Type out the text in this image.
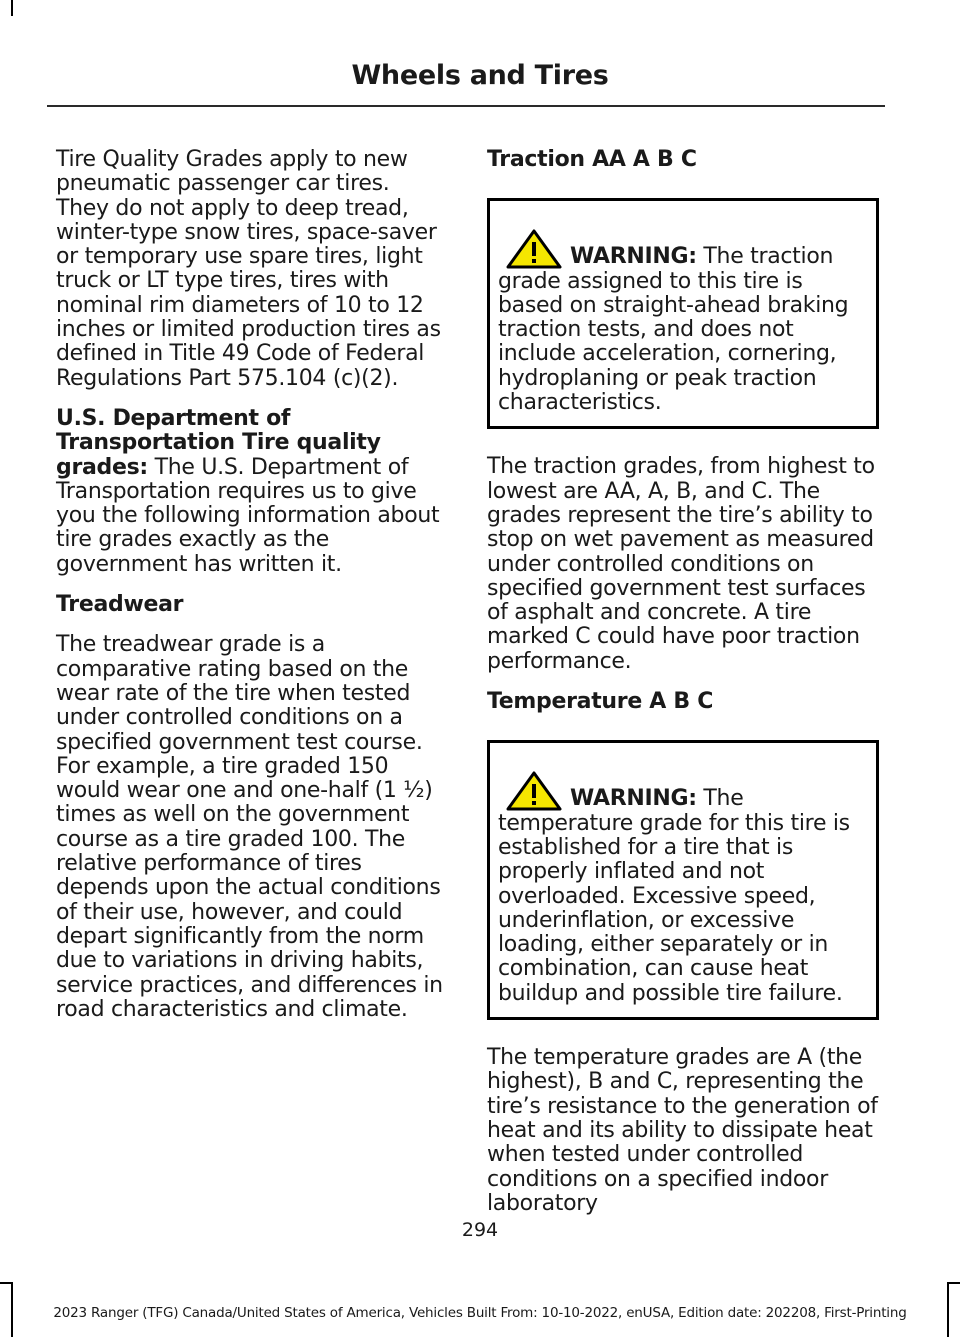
Wheels and Tires

Tire Quality Grades apply to new pneumatic passenger car tires. They do not apply to deep tread, winter-type snow tires, space-saver or temporary use spare tires, light truck or LT type tires, tires with nominal rim diameters of 10 to 12 inches or limited production tires as defined in Title 49 Code of Federal Regulations Part 575.104 (c)(2).

U.S. Department of Transportation Tire quality grades: The U.S. Department of Transportation requires us to give you the following information about tire grades exactly as the government has written it.

Treadwear

The treadwear grade is a comparative rating based on the wear rate of the tire when tested under controlled conditions on a specified government test course. For example, a tire graded 150 would wear one and one-half (1 ½) times as well on the government course as a tire graded 100. The relative performance of tires depends upon the actual conditions of their use, however, and could depart significantly from the norm due to variations in driving habits, service practices, and differences in road characteristics and climate.

Traction AA A B C
WARNING: The traction grade assigned to this tire is based on straight-ahead braking traction tests, and does not include acceleration, cornering, hydroplaning or peak traction characteristics.

The traction grades, from highest to lowest are AA, A, B, and C. The grades represent the tire’s ability to stop on wet pavement as measured under controlled conditions on specified government test surfaces of asphalt and concrete. A tire marked C could have poor traction performance.

Temperature A B C
WARNING: The temperature grade for this tire is established for a tire that is properly inflated and not overloaded. Excessive speed, underinflation, or excessive loading, either separately or in combination, can cause heat buildup and possible tire failure.

The temperature grades are A (the highest), B and C, representing the tire’s resistance to the generation of heat and its ability to dissipate heat when tested under controlled conditions on a specified indoor laboratory

294
2023 Ranger (TFG) Canada/United States of America, Vehicles Built From: 10-10-2022, enUSA, Edition date: 202208, First-Printing
